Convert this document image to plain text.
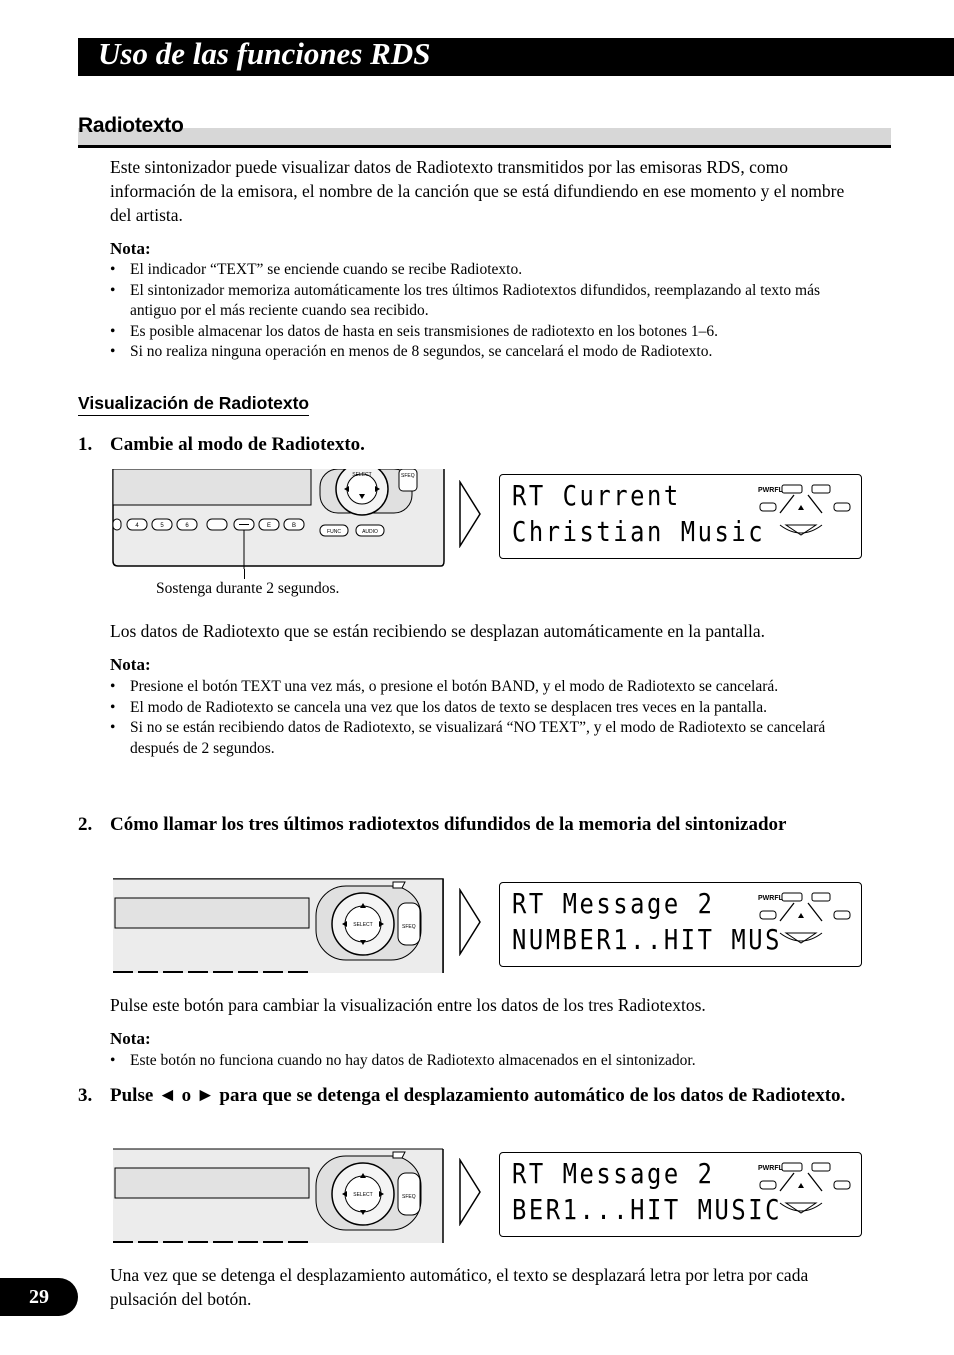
Uso de las funciones RDS
Radiotexto
Este sintonizador puede visualizar datos de Radiotexto transmitidos por las emisoras RDS, como información de la emisora, el nombre de la canción que se está difundiendo en ese momento y el nombre del artista.
Nota:
• El indicador “TEXT” se enciende cuando se recibe Radiotexto.
• El sintonizador memoriza automáticamente los tres últimos Radiotextos difundidos, reemplazando al texto más antiguo por el más reciente cuando sea recibido.
• Es posible almacenar los datos de hasta en seis transmisiones de radiotexto en los botones 1–6.
• Si no realiza ninguna operación en menos de 8 segundos, se cancelará el modo de Radiotexto.
Visualización de Radiotexto
1. Cambie al modo de Radiotexto.
SELECT	SFEQ
4	5	6	E	B
FUNC	AUDIO
Sostenga durante 2 segundos.
RT Current
Christian Music
PWRFL
Los datos de Radiotexto que se están recibiendo se desplazan automáticamente en la pantalla.
Nota:
• Presione el botón TEXT una vez más, o presione el botón BAND, y el modo de Radiotexto se cancelará.
• El modo de Radiotexto se cancela una vez que los datos de texto se desplacen tres veces en la pantalla.
• Si no se están recibiendo datos de Radiotexto, se visualizará “NO TEXT”, y el modo de Radiotexto se cancelará después de 2 segundos.
2. Cómo llamar los tres últimos radiotextos difundidos de la memoria del sintonizador
SELECT	SFEQ
RT Message 2
NUMBER1..HIT MUS
PWRFL
Pulse este botón para cambiar la visualización entre los datos de los tres Radiotextos.
Nota:
• Este botón no funciona cuando no hay datos de Radiotexto almacenados en el sintonizador.
3. Pulse ◄ o ► para que se detenga el desplazamiento automático de los datos de Radiotexto.
SELECT	SFEQ
RT Message 2
BER1...HIT MUSIC
PWRFL
Una vez que se detenga el desplazamiento automático, el texto se desplazará letra por letra por cada pulsación del botón.
29
